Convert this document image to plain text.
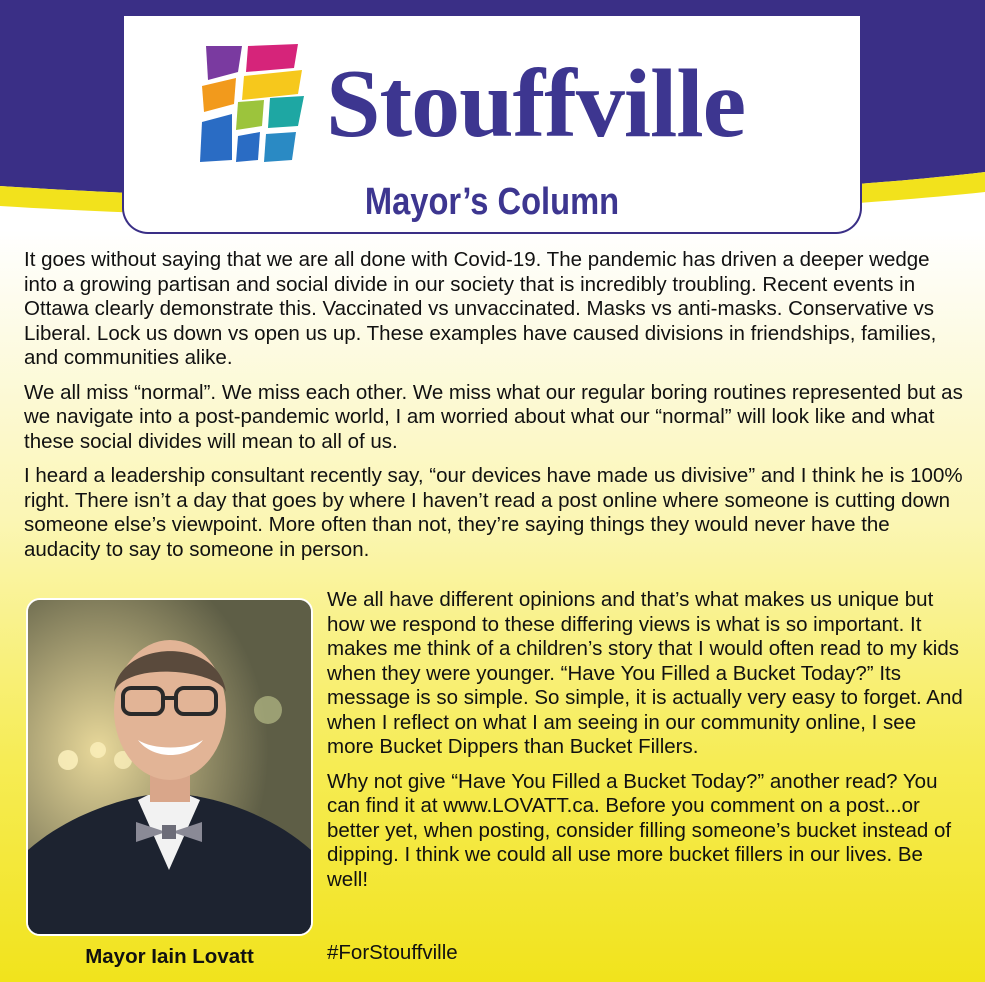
Stouffville
Mayor’s Column

It goes without saying that we are all done with Covid-19. The pandemic has driven a deeper wedge into a growing partisan and social divide in our society that is incredibly troubling. Recent events in Ottawa clearly demonstrate this. Vaccinated vs unvaccinated. Masks vs anti-masks. Conservative vs Liberal. Lock us down vs open us up. These examples have caused divisions in friendships, families, and communities alike.

We all miss “normal”. We miss each other. We miss what our regular boring routines represented but as we navigate into a post-pandemic world, I am worried about what our “normal” will look like and what these social divides will mean to all of us.

I heard a leadership consultant recently say, “our devices have made us divisive” and I think he is 100% right. There isn’t a day that goes by where I haven’t read a post online where someone is cutting down someone else’s viewpoint. More often than not, they’re saying things they would never have the audacity to say to someone in person.

Mayor Iain Lovatt

We all have different opinions and that’s what makes us unique but how we respond to these differing views is what is so important. It makes me think of a children’s story that I would often read to my kids when they were younger. “Have You Filled a Bucket Today?” Its message is so simple. So simple, it is actually very easy to forget. And when I reflect on what I am seeing in our community online, I see more Bucket Dippers than Bucket Fillers.

Why not give “Have You Filled a Bucket Today?” another read? You can find it at www.LOVATT.ca. Before you comment on a post...or better yet, when posting, consider filling someone’s bucket instead of dipping. I think we could all use more bucket fillers in our lives. Be well!

#ForStouffville
